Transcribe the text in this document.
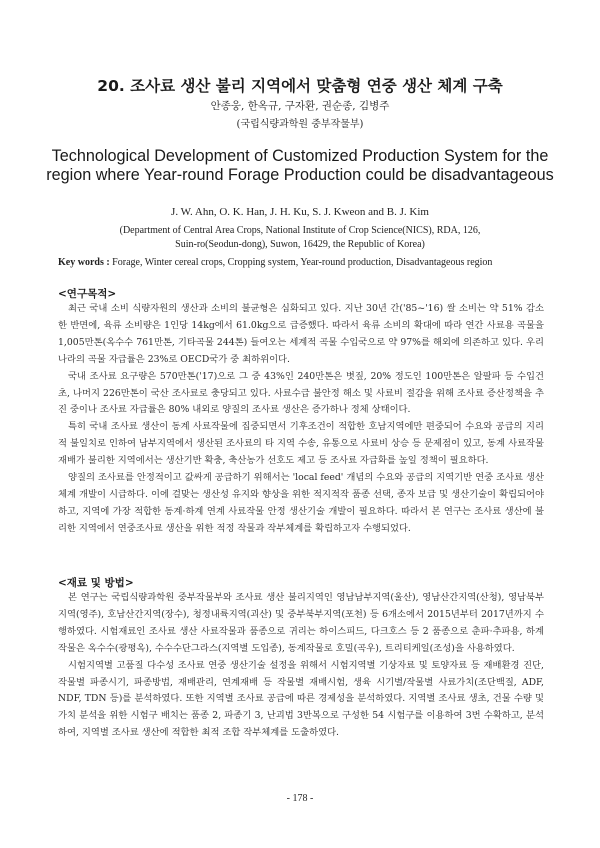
20. 조사료 생산 불리 지역에서 맞춤형 연중 생산 체계 구축
안종웅, 한옥규, 구자환, 권순종, 김병주
(국립식량과학원 중부작물부)
Technological Development of Customized Production System for the region where Year-round Forage Production could be disadvantageous
J. W. Ahn, O. K. Han, J. H. Ku, S. J. Kweon and B. J. Kim
(Department of Central Area Crops, National Institute of Crop Science(NICS), RDA, 126,
Suin-ro(Seodun-dong), Suwon, 16429, the Republic of Korea)
Key words : Forage, Winter cereal crops, Cropping system, Year-round production, Disadvantageous region
<연구목적>

최근 국내 소비 식량자원의 생산과 소비의 불균형은 심화되고 있다. 지난 30년 간('85~'16) 쌀 소비는 약 51% 감소한 반면에, 육류 소비량은 1인당 14kg에서 61.0kg으로 급증했다. 따라서 육류 소비의 확대에 따라 연간 사료용 곡물을 1,005만톤(옥수수 761만톤, 기타곡물 244톤) 들여오는 세계적 곡물 수입국으로 약 97%를 해외에 의존하고 있다. 우리나라의 곡물 자급률은 23%로 OECD국가 중 최하위이다.

국내 조사료 요구량은 570만톤('17)으로 그 중 43%인 240만톤은 볏짚, 20% 정도인 100만톤은 알팔파 등 수입건초, 나머지 226만톤이 국산 조사료로 충당되고 있다. 사료수급 불안정 해소 및 사료비 절감을 위해 조사료 증산정책을 추진 중이나 조사료 자급률은 80% 내외로 양질의 조사료 생산은 증가하나 정체 상태이다.

특히 국내 조사료 생산이 동계 사료작물에 집중되면서 기후조건이 적합한 호남지역에만 편중되어 수요와 공급의 지리적 불일치로 인하여 남부지역에서 생산된 조사료의 타 지역 수송, 유통으로 사료비 상승 등 문제점이 있고, 동계 사료작물 재배가 불리한 지역에서는 생산기반 확충, 축산농가 선호도 제고 등 조사료 자급화를 높일 정책이 필요하다.

양질의 조사료를 안정적이고 값싸게 공급하기 위해서는 'local feed' 개념의 수요와 공급의 지역기반 연중 조사료 생산체계 개발이 시급하다. 이에 걸맞는 생산성 유지와 향상을 위한 적지적작 품종 선택, 종자 보급 및 생산기술이 확립되어야 하고, 지역에 가장 적합한 동계·하계 연계 사료작물 안정 생산기술 개발이 필요하다. 따라서 본 연구는 조사료 생산에 불리한 지역에서 연중조사료 생산을 위한 적정 작물과 작부체계를 확립하고자 수행되었다.

<재료 및 방법>

본 연구는 국립식량과학원 중부작물부와 조사료 생산 불리지역인 영남남부지역(울산), 영남산간지역(산청), 영남북부지역(영주), 호남산간지역(장수), 청정내륙지역(괴산) 및 중부북부지역(포천) 등 6개소에서 2015년부터 2017년까지 수행하였다. 시험재료인 조사료 생산 사료작물과 품종으로 귀리는 하이스피드, 다크호스 등 2 품종으로 춘파·추파용, 하계작물은 옥수수(광평옥), 수수수단그라스(지역별 도입종), 동계작물로 호밀(곡우), 트리티케일(조성)을 사용하였다.

시험지역별 고품질 다수성 조사료 연중 생산기술 설정을 위해서 시험지역별 기상자료 및 토양자료 등 재배환경 진단, 작물별 파종시기, 파종방법, 재배관리, 연계재배 등 작물별 재배시험, 생육 시기별/작물별 사료가치(조단백질, ADF, NDF, TDN 등)를 분석하였다. 또한 지역별 조사료 공급에 따른 경제성을 분석하였다. 지역별 조사료 생초, 건물 수량 및 가치 분석을 위한 시험구 배치는 품종 2, 파종기 3, 난괴법 3반복으로 구성한 54 시험구를 이용하여 3번 수확하고, 분석하여, 지역별 조사료 생산에 적합한 최적 조합 작부체계를 도출하였다.

- 178 -
